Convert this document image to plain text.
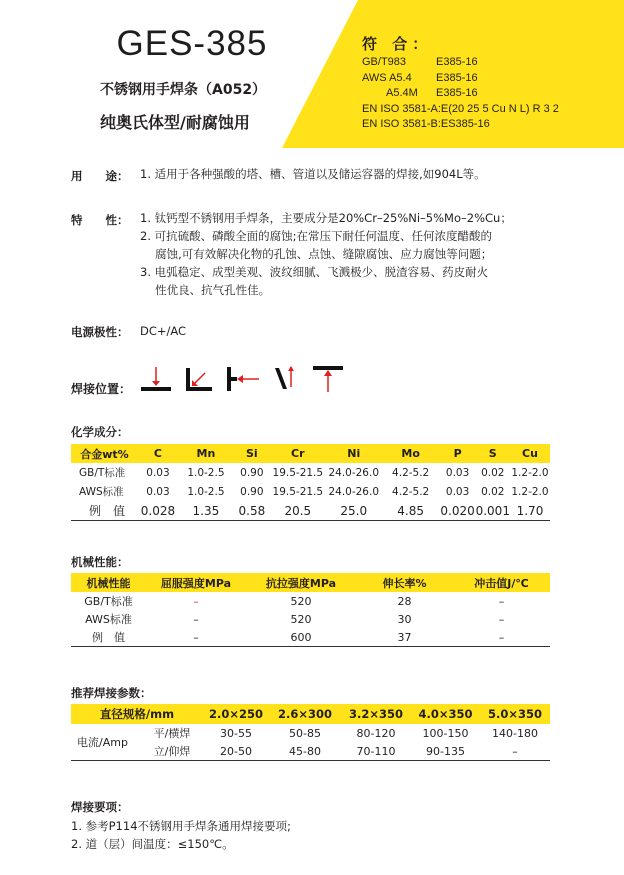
GES-385
不锈钢用手焊条（A052）
纯奥氏体型/耐腐蚀用
符 合：
GB/T983	E385-16
AWS A5.4 E385-16
A5.4M E385-16
EN ISO 3581-A:E(20 25 5 Cu N L) R 3 2
EN ISO 3581-B:ES385-16
用　　途： 1. 适用于各种强酸的塔、槽、管道以及储运容器的焊接,如904L等。
特　　性： 1. 钛钙型不锈钢用手焊条，主要成分是20%Cr–25%Ni–5%Mo–2%Cu；
2. 可抗硫酸、磷酸全面的腐蚀;在常压下耐任何温度、任何浓度醋酸的
　 腐蚀,可有效解决化物的孔蚀、点蚀、缝隙腐蚀、应力腐蚀等问题；
3. 电弧稳定、成型美观、波纹细腻、飞溅极少、脱渣容易、药皮耐火
　 性优良、抗气孔性佳。
电源极性： DC+/AC
焊接位置：

化学成分：
合金wt%	C	Mn	Si	Cr	Ni	Mo	P	S	Cu
GB/T标准	0.03	1.0-2.5	0.90	19.5-21.5	24.0-26.0	4.2-5.2	0.03	0.02	1.2-2.0
AWS标准	0.03	1.0-2.5	0.90	19.5-21.5	24.0-26.0	4.2-5.2	0.03	0.02	1.2-2.0
例　值	0.028	1.35	0.58	20.5	25.0	4.85	0.020	0.001	1.70
机械性能：
机械性能	屈服强度MPa	抗拉强度MPa	伸长率%	冲击值J/℃
GB/T标准	–	520	28	–
AWS标准	–	520	30	–
例　值	–	600	37	–
推荐焊接参数：
直径规格/mm		2.0×250	2.6×300	3.2×350	4.0×350	5.0×350
电流/Amp	平/横焊	30-55	50-85	80-120	100-150	140-180
	立/仰焊	20-50	45-80	70-110	90-135	–
焊接要项：
1. 参考P114不锈钢用手焊条通用焊接要项;
2. 道（层）间温度：≤150℃。
